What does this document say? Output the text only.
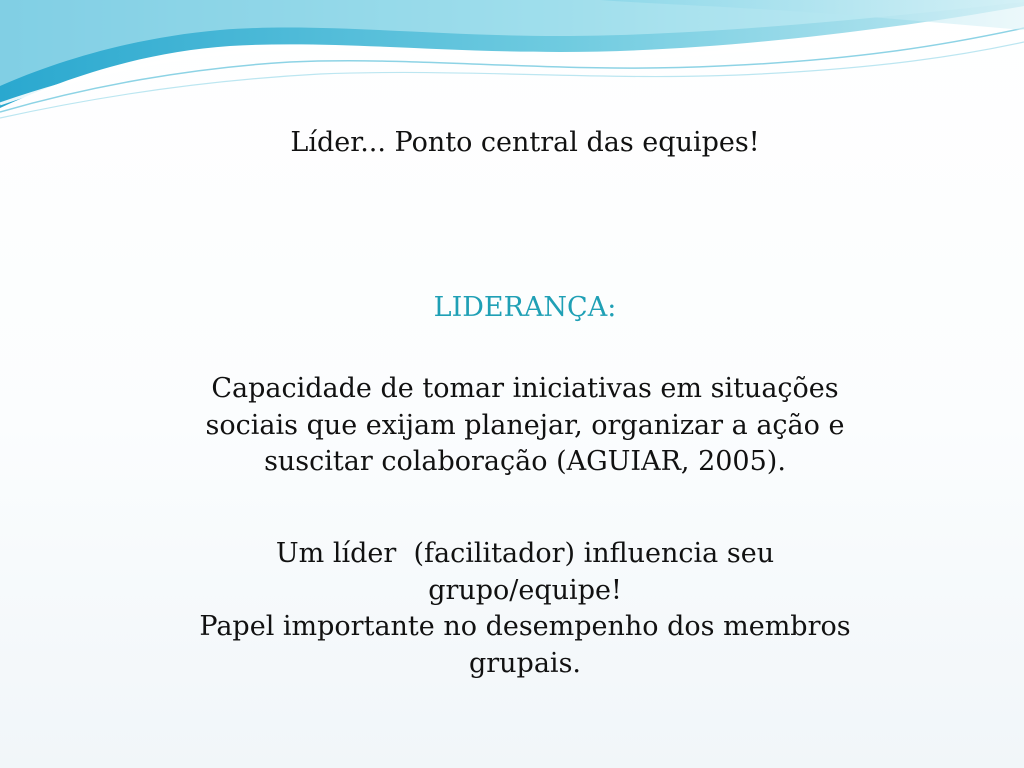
Líder... Ponto central das equipes!
LIDERANÇA:
Capacidade de tomar iniciativas em situações
sociais que exijam planejar, organizar a ação e
suscitar colaboração (AGUIAR, 2005).
Um líder  (facilitador) influencia seu
grupo/equipe!
Papel importante no desempenho dos membros
grupais.
